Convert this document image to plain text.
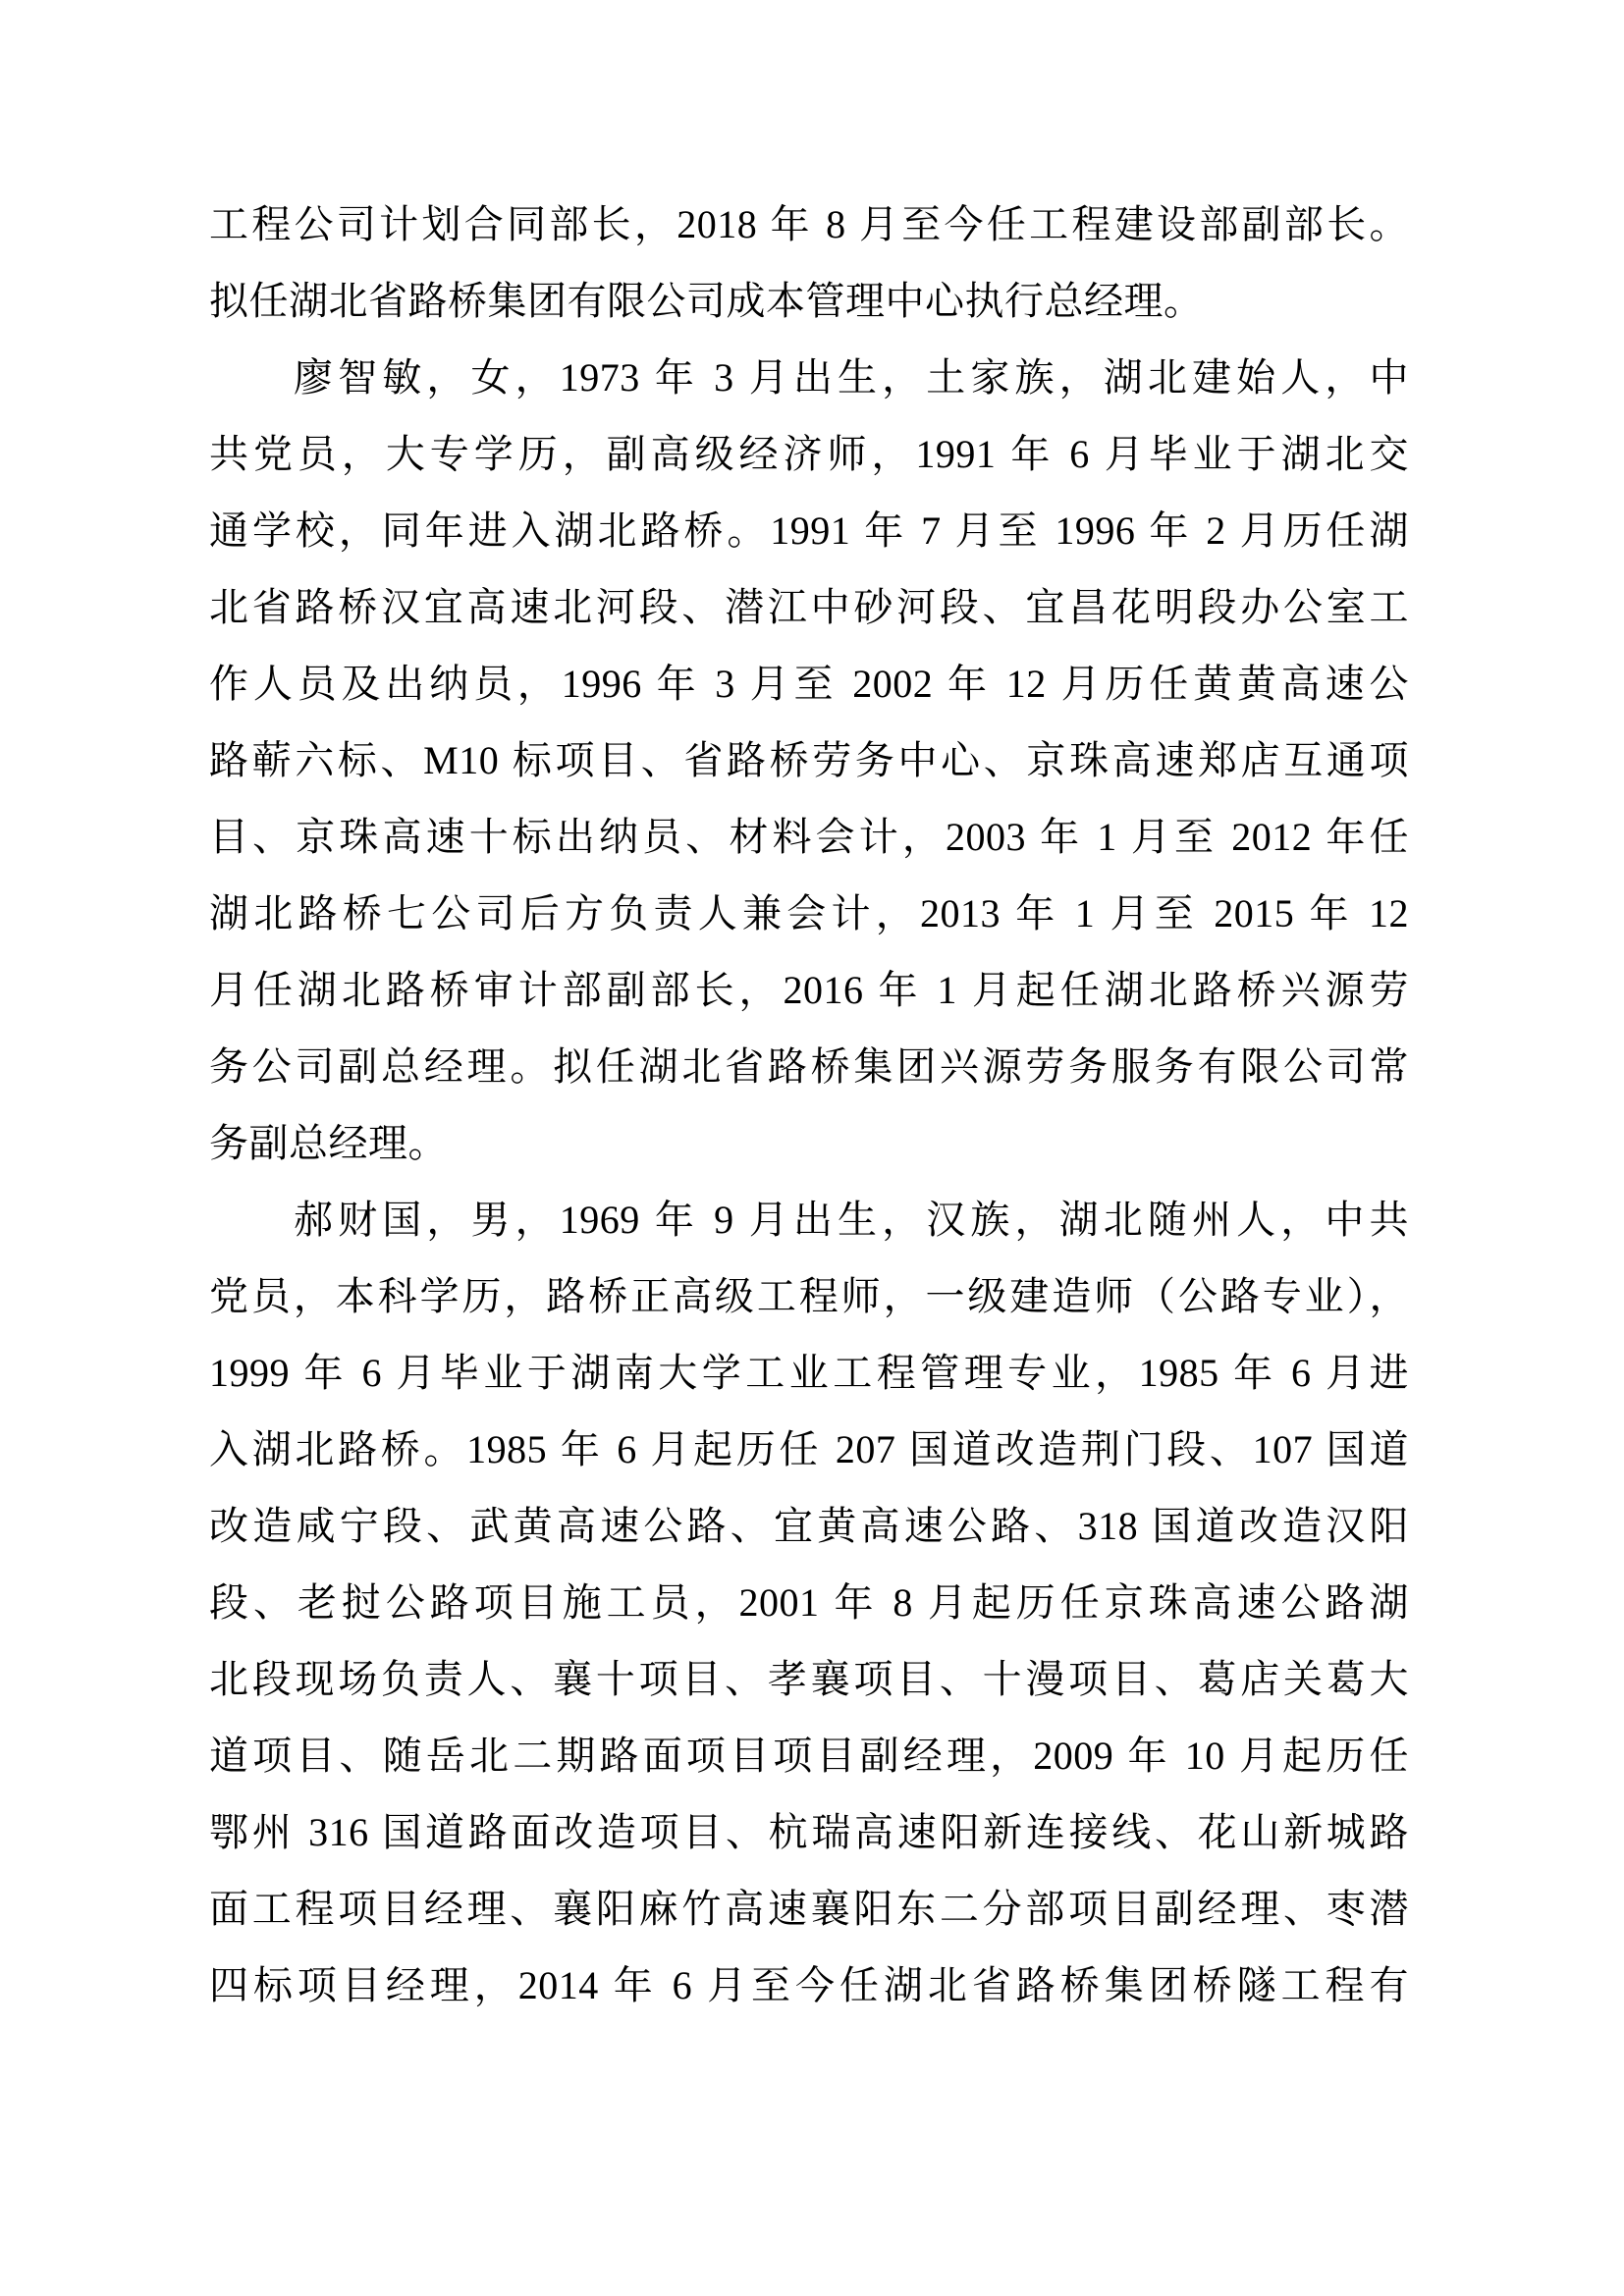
工程公司计划合同部长，2018 年 8 月至今任工程建设部副部长。
拟任湖北省路桥集团有限公司成本管理中心执行总经理。
廖智敏，女，1973 年 3 月出生，土家族，湖北建始人，中
共党员，大专学历，副高级经济师，1991 年 6 月毕业于湖北交
通学校，同年进入湖北路桥。1991 年 7 月至 1996 年 2 月历任湖
北省路桥汉宜高速北河段、潜江中砂河段、宜昌花明段办公室工
作人员及出纳员，1996 年 3 月至 2002 年 12 月历任黄黄高速公
路蕲六标、M10 标项目、省路桥劳务中心、京珠高速郑店互通项
目、京珠高速十标出纳员、材料会计，2003 年 1 月至 2012 年任
湖北路桥七公司后方负责人兼会计，2013 年 1 月至 2015 年 12
月任湖北路桥审计部副部长，2016 年 1 月起任湖北路桥兴源劳
务公司副总经理。拟任湖北省路桥集团兴源劳务服务有限公司常
务副总经理。
郝财国，男，1969 年 9 月出生，汉族，湖北随州人，中共
党员，本科学历，路桥正高级工程师，一级建造师（公路专业），
1999 年 6 月毕业于湖南大学工业工程管理专业，1985 年 6 月进
入湖北路桥。1985 年 6 月起历任 207 国道改造荆门段、107 国道
改造咸宁段、武黄高速公路、宜黄高速公路、318 国道改造汉阳
段、老挝公路项目施工员，2001 年 8 月起历任京珠高速公路湖
北段现场负责人、襄十项目、孝襄项目、十漫项目、葛店关葛大
道项目、随岳北二期路面项目项目副经理，2009 年 10 月起历任
鄂州 316 国道路面改造项目、杭瑞高速阳新连接线、花山新城路
面工程项目经理、襄阳麻竹高速襄阳东二分部项目副经理、枣潜
四标项目经理，2014 年 6 月至今任湖北省路桥集团桥隧工程有
